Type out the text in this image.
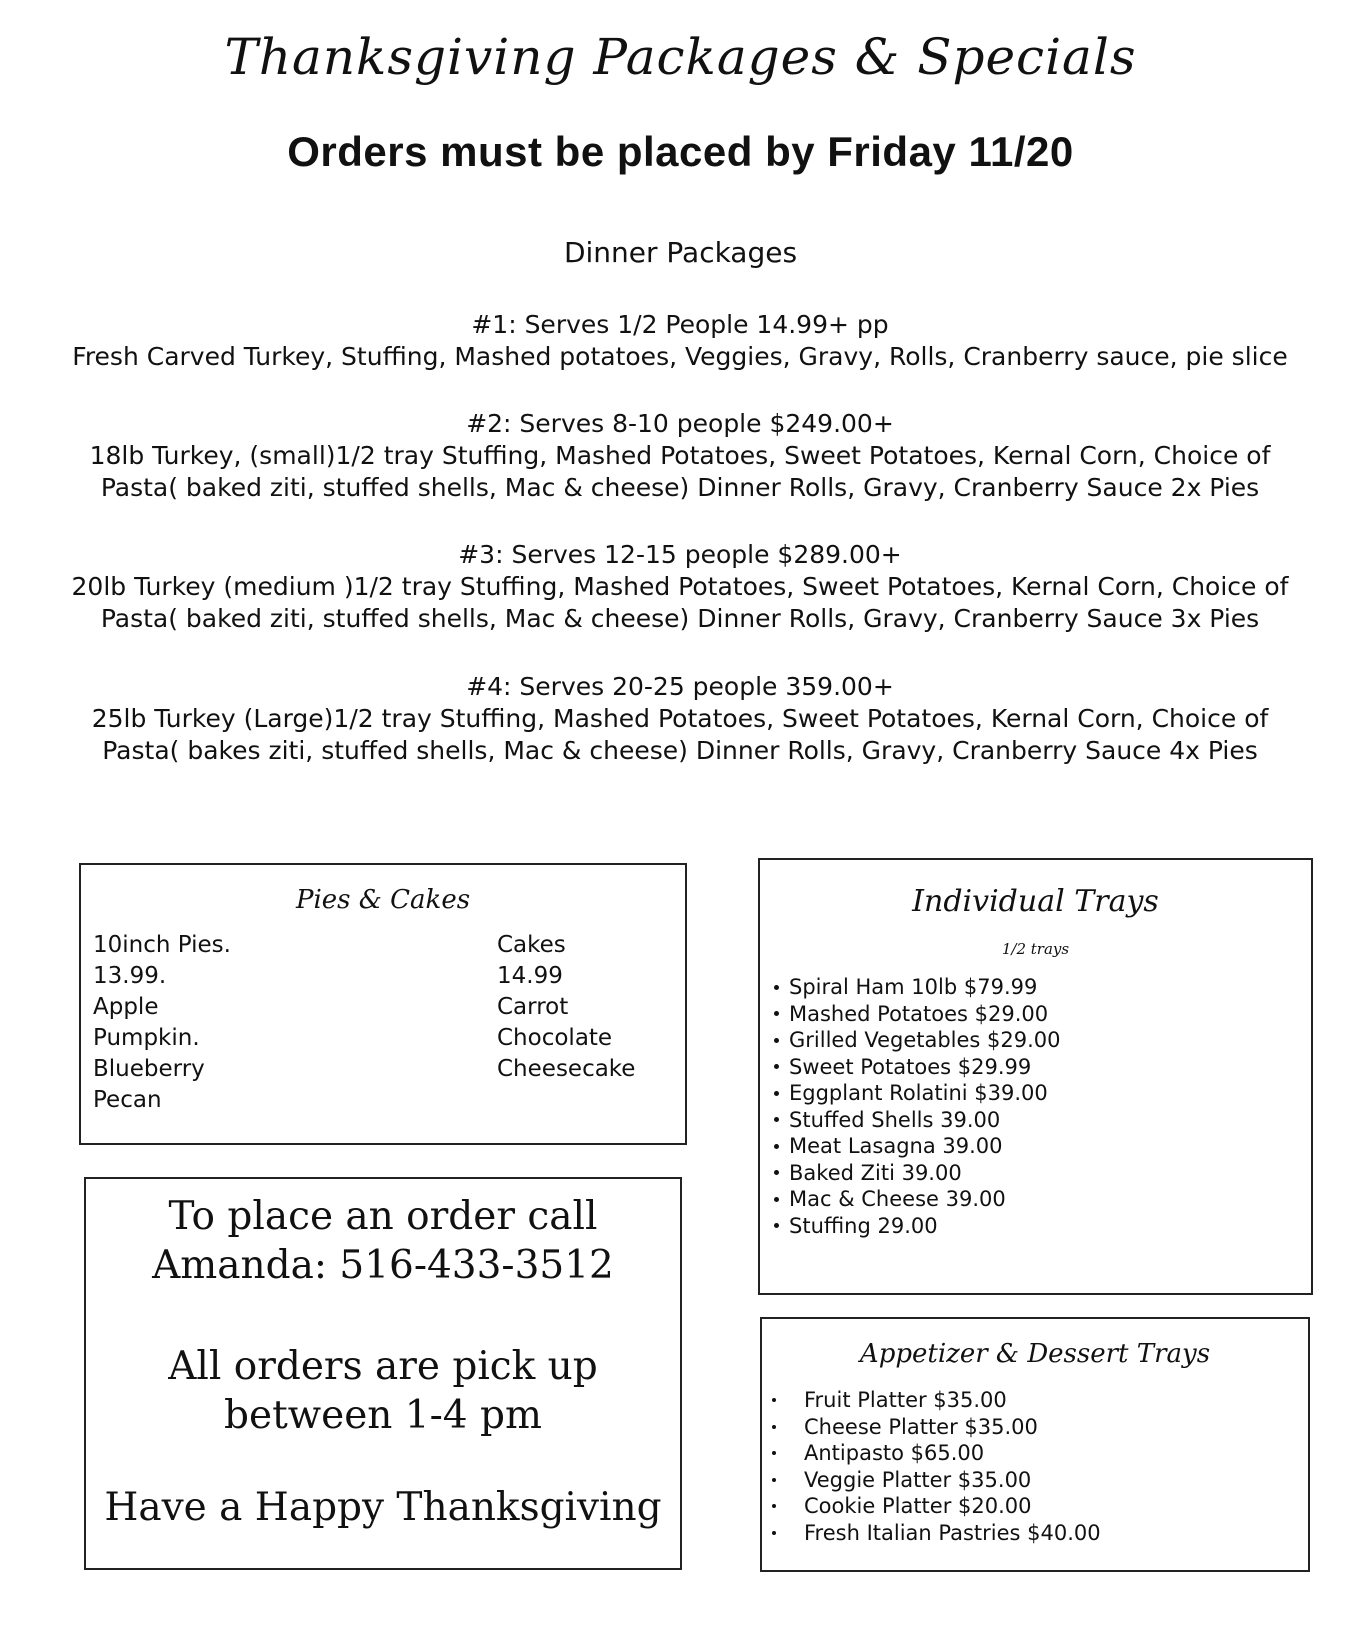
Thanksgiving Packages & Specials
Orders must be placed by Friday 11/20
Dinner Packages
#1: Serves 1/2 People 14.99+ pp
Fresh Carved Turkey, Stuffing, Mashed potatoes, Veggies, Gravy, Rolls, Cranberry sauce, pie slice
#2: Serves 8-10 people $249.00+
18lb Turkey, (small)1/2 tray Stuffing, Mashed Potatoes, Sweet Potatoes, Kernal Corn, Choice of
Pasta( baked ziti, stuffed shells, Mac & cheese) Dinner Rolls, Gravy, Cranberry Sauce 2x Pies
#3: Serves 12-15 people $289.00+
20lb Turkey (medium )1/2 tray Stuffing, Mashed Potatoes, Sweet Potatoes, Kernal Corn, Choice of
Pasta( baked ziti, stuffed shells, Mac & cheese) Dinner Rolls, Gravy, Cranberry Sauce 3x Pies
#4: Serves 20-25 people 359.00+
25lb Turkey (Large)1/2 tray Stuffing, Mashed Potatoes, Sweet Potatoes, Kernal Corn, Choice of
Pasta( bakes ziti, stuffed shells, Mac & cheese) Dinner Rolls, Gravy, Cranberry Sauce 4x Pies
Pies & Cakes
10inch Pies.
13.99.
Apple
Pumpkin.
Blueberry
Pecan
Cakes
14.99
Carrot
Chocolate
Cheesecake
Individual Trays
1/2 trays
Spiral Ham 10lb $79.99
Mashed Potatoes $29.00
Grilled Vegetables $29.00
Sweet Potatoes $29.99
Eggplant Rolatini $39.00
Stuffed Shells 39.00
Meat Lasagna 39.00
Baked Ziti 39.00
Mac & Cheese 39.00
Stuffing 29.00
To place an order call
Amanda: 516-433-3512
All orders are pick up
between 1-4 pm
Have a Happy Thanksgiving
Appetizer & Dessert Trays
Fruit Platter $35.00
Cheese Platter $35.00
Antipasto $65.00
Veggie Platter $35.00
Cookie Platter $20.00
Fresh Italian Pastries $40.00
